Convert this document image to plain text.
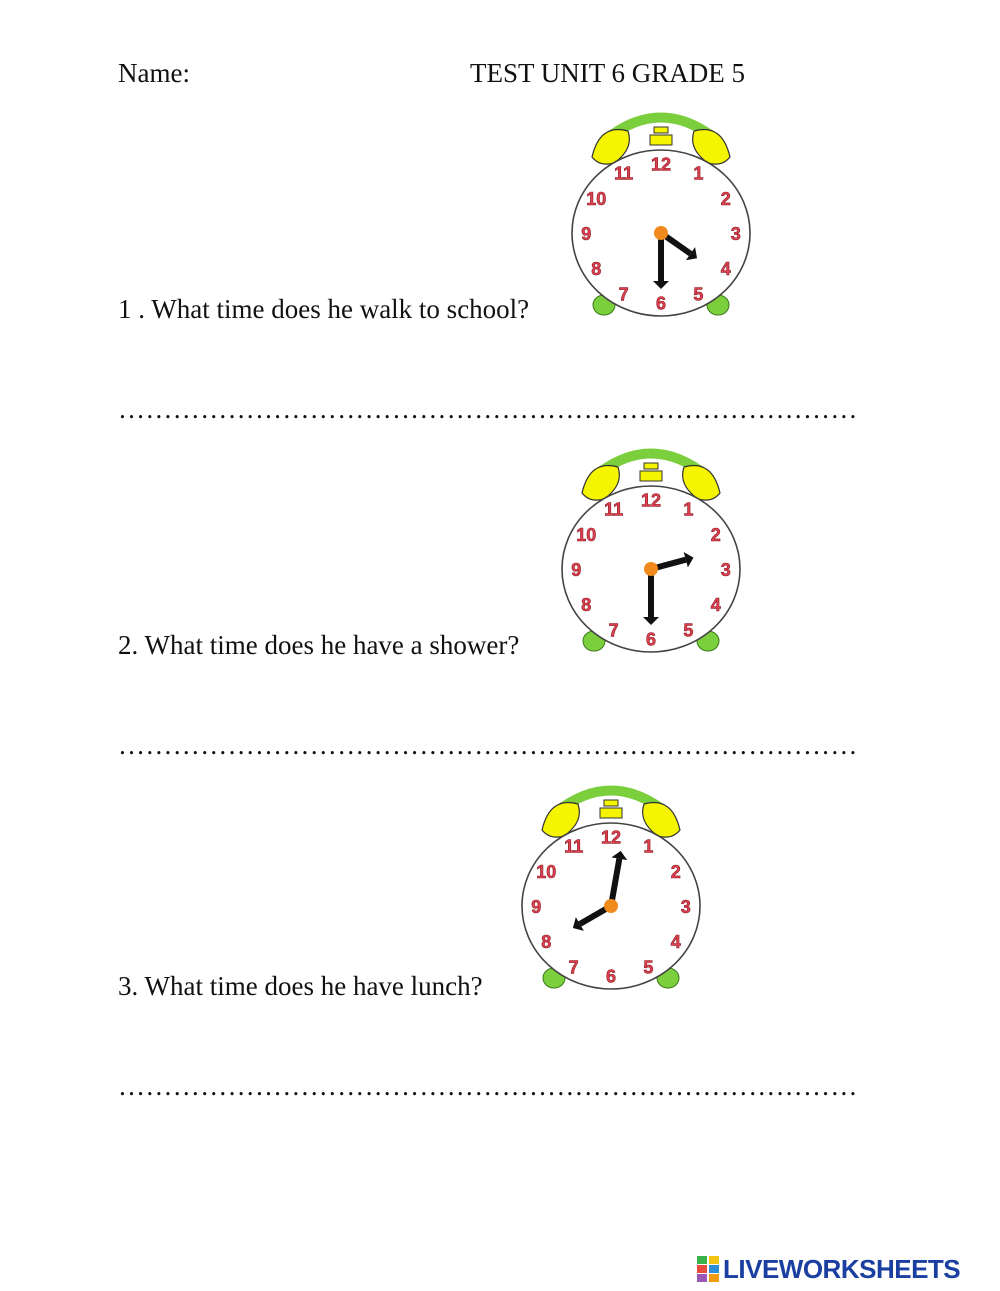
Name:	TEST UNIT 6 GRADE 5
1 . What time does he walk to school?
12 1
2
3
4
5
6
7
8
9
10
11
………………………………………………………………………
2. What time does he have a shower?
12 1
2
3
4
5
6
7
8
9
10
11
………………………………………………………………………
3. What time does he have lunch?
12 1
2
3
4
5
6
7
8
9
10
11
………………………………………………………………………
LIVEWORKSHEETS
